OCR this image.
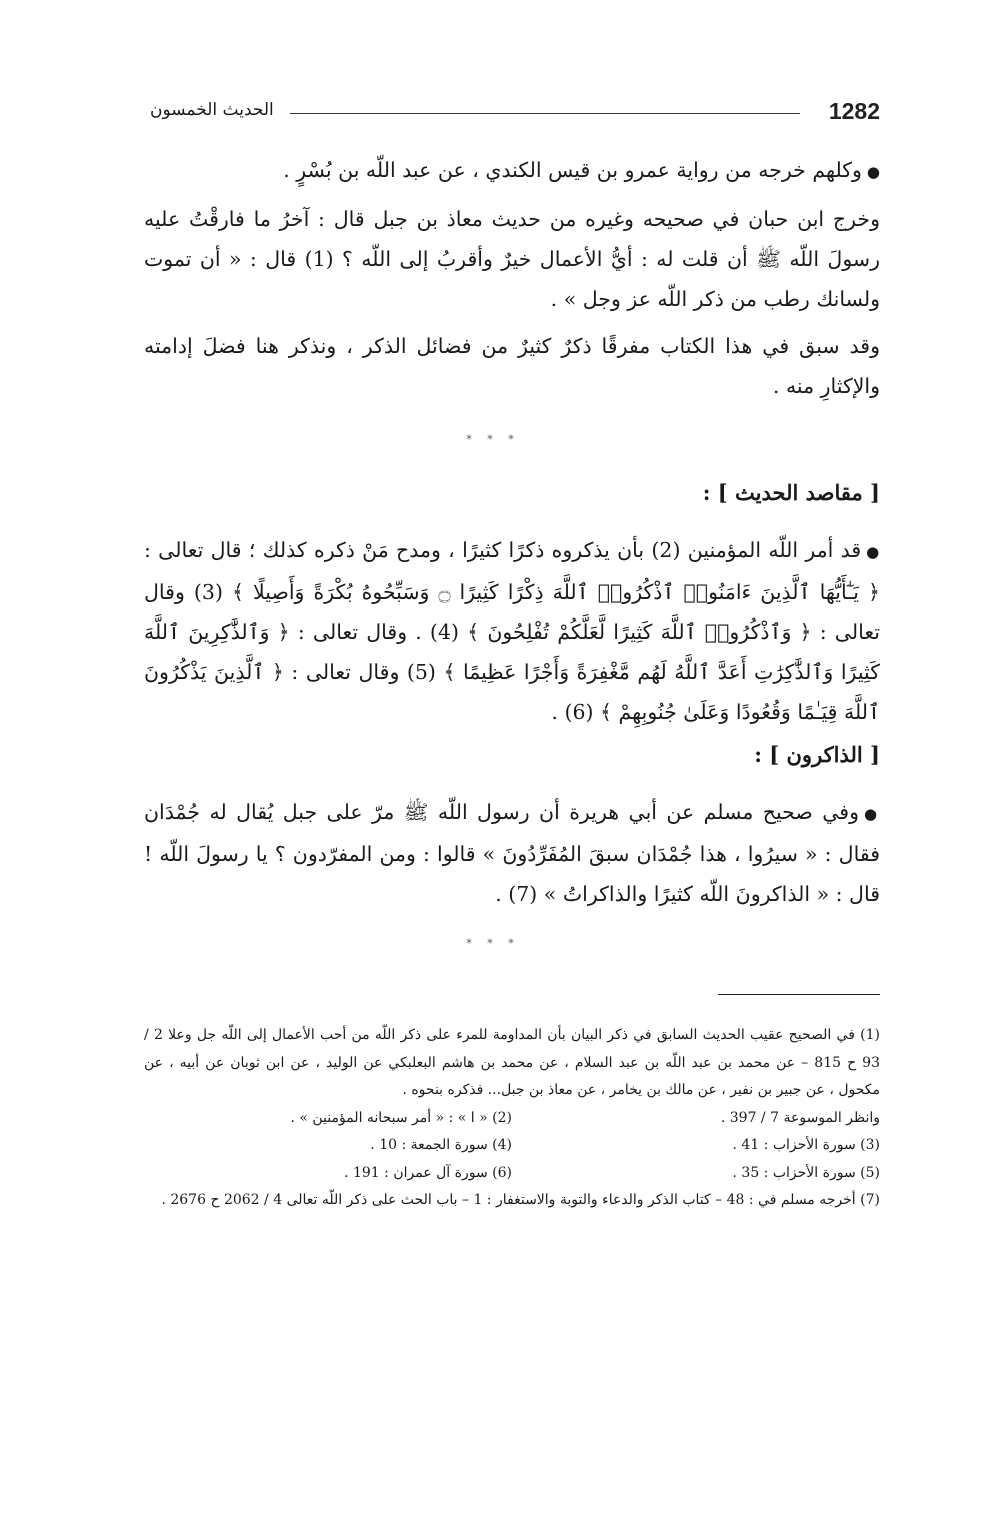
1282
الحديث الخمسون

●وكلهم خرجه من رواية عمرو بن قيس الكندي ، عن عبد اللّه بن بُسْرٍ .

وخرج ابن حبان في صحيحه وغيره من حديث معاذ بن جبل قال : آخرُ ما فارقْتُ عليه رسولَ اللّه ﷺ أن قلت له : أيُّ الأعمال خيرٌ وأقربُ إلى اللّه ؟ (1) قال : « أن تموت ولسانك رطب من ذكر اللّه عز وجل » .

وقد سبق في هذا الكتاب مفرقًا ذكرٌ كثيرٌ من فضائل الذكر ، ونذكر هنا فضلَ إدامته والإكثارِ منه .

* * *
[ مقاصد الحديث ] :

●قد أمر اللّه المؤمنين (2) بأن يذكروه ذكرًا كثيرًا ، ومدح مَنْ ذكره كذلك ؛ قال تعالى : ﴿ يَـٰٓأَيُّهَا ٱلَّذِينَ ءَامَنُوا۟ ٱذْكُرُوا۟ ٱللَّهَ ذِكْرًا كَثِيرًا ۝ وَسَبِّحُوهُ بُكْرَةً وَأَصِيلًا ﴾ (3) وقال تعالى : ﴿ وَٱذْكُرُوا۟ ٱللَّهَ كَثِيرًا لَّعَلَّكُمْ تُفْلِحُونَ ﴾ (4) . وقال تعالى : ﴿ وَٱلذَّٰكِرِينَ ٱللَّهَ كَثِيرًا وَٱلذَّٰكِرَٰتِ أَعَدَّ ٱللَّهُ لَهُم مَّغْفِرَةً وَأَجْرًا عَظِيمًا ﴾ (5) وقال تعالى : ﴿ ٱلَّذِينَ يَذْكُرُونَ ٱللَّهَ قِيَـٰمًا وَقُعُودًا وَعَلَىٰ جُنُوبِهِمْ ﴾ (6) .

[ الذاكرون ] :

●وفي صحيح مسلم عن أبي هريرة أن رسول اللّه ﷺ مرّ على جبل يُقال له جُمْدَان فقال : « سيرُوا ، هذا جُمْدَان سبقَ المُفَرِّدُونَ » قالوا : ومن المفرّدون ؟ يا رسولَ اللّه ! قال : « الذاكرونَ اللّه كثيرًا والذاكراتُ » (7) .

* * *
(1) في الصحيح عقيب الحديث السابق في ذكر البيان بأن المداومة للمرء على ذكر اللّه من أحب الأعمال إلى اللّه جل وعلا 2 / 93 ح 815 – عن محمد بن عبد اللّه بن عبد السلام ، عن محمد بن هاشم البعلبكي عن الوليد ، عن ابن ثوبان عن أبيه ، عن مكحول ، عن جبير بن نفير ، عن مالك بن يخامر ، عن معاذ بن جبل... فذكره بنحوه .
وانظر الموسوعة 7 / 397 .
(2) « ا » : « أمر سبحانه المؤمنين » .
(3) سورة الأحزاب : 41 .
(4) سورة الجمعة : 10 .
(5) سورة الأحزاب : 35 .
(6) سورة آل عمران : 191 .
(7) أخرجه مسلم في : 48 – كتاب الذكر والدعاء والتوبة والاستغفار : 1 – باب الحث على ذكر اللّه تعالى 4 / 2062 ح 2676 .
